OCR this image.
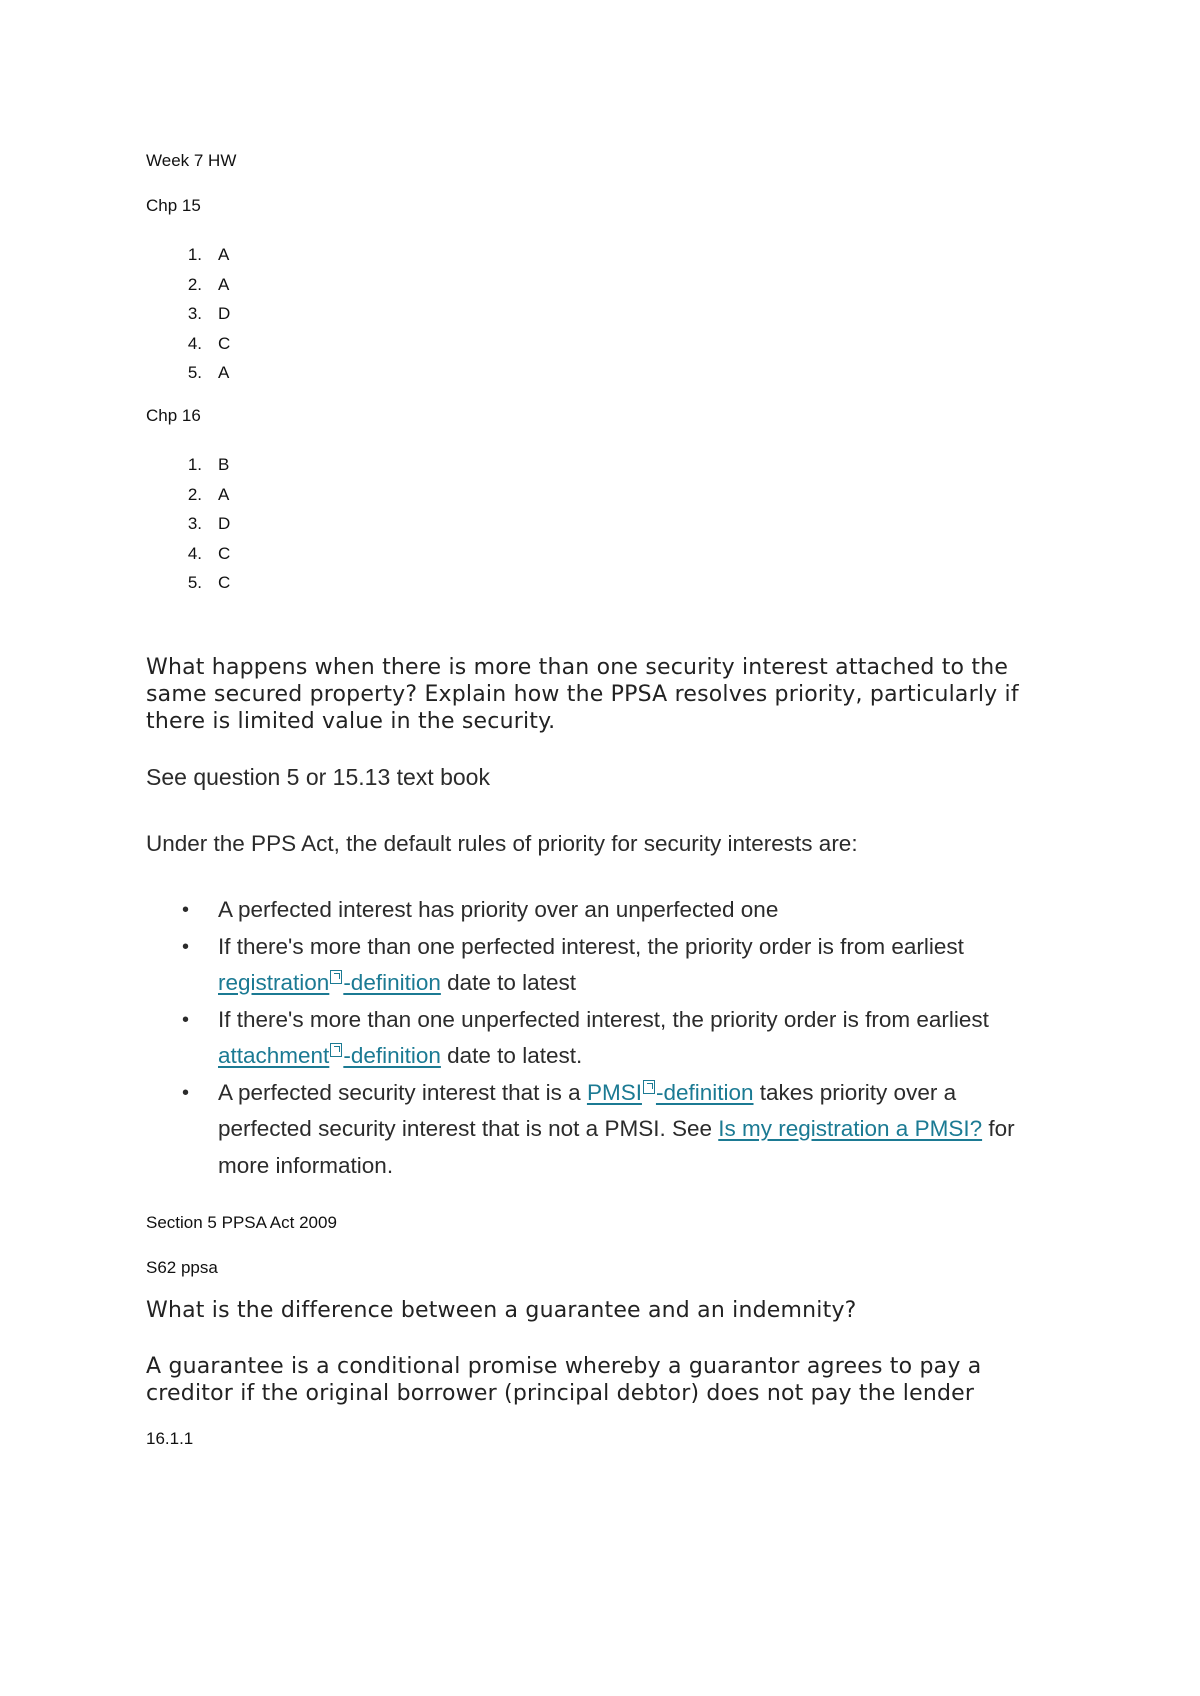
Week 7 HW

Chp 15

1. A
2. A
3. D
4. C
5. A

Chp 16

1. B
2. A
3. D
4. C
5. C

What happens when there is more than one security interest attached to the same secured property? Explain how the PPSA resolves priority, particularly if there is limited value in the security.

See question 5 or 15.13 text book

Under the PPS Act, the default rules of priority for security interests are:

• A perfected interest has priority over an unperfected one
• If there's more than one perfected interest, the priority order is from earliest registration -definition date to latest
• If there's more than one unperfected interest, the priority order is from earliest attachment -definition date to latest.
• A perfected security interest that is a PMSI -definition takes priority over a perfected security interest that is not a PMSI. See Is my registration a PMSI? for more information.

Section 5 PPSA Act 2009

S62 ppsa

What is the difference between a guarantee and an indemnity?

A guarantee is a conditional promise whereby a guarantor agrees to pay a creditor if the original borrower (principal debtor) does not pay the lender

16.1.1
